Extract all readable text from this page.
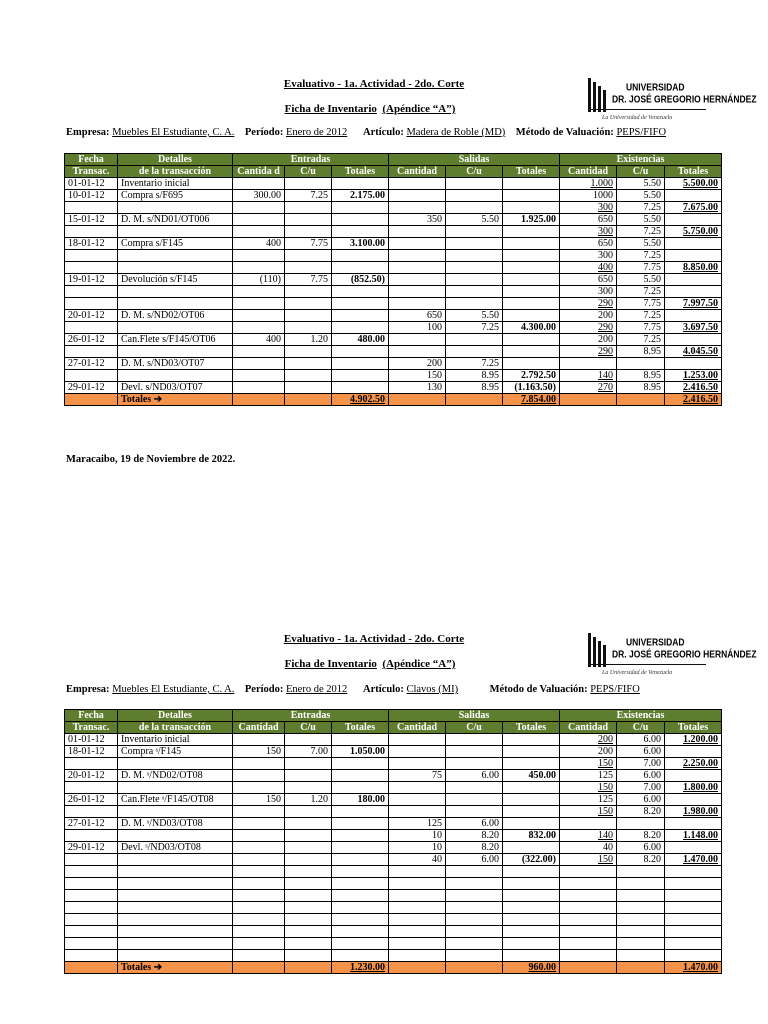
Evaluativo - 1a. Actividad - 2do. Corte
Ficha de Inventario (Apéndice “A”)
UNIVERSIDAD
DR. JOSÉ GREGORIO HERNÁNDEZ
La Universidad de Venezuela
Empresa: Muebles El Estudiante, C. A. Período: Enero de 2012 Artículo: Madera de Roble (MD) Método de Valuación: PEPS/FIFO
Fecha	Detalles	Entradas			Salidas			Existencias		
Transac.	de la transacción	Cantida d	C/u	Totales	Cantidad	C/u	Totales	Cantidad	C/u	Totales
01-01-12	Inventario inicial							1.000	5.50	5.500.00
10-01-12	Compra s/F695	300.00	7.25	2.175.00				1000	5.50	
								300	7.25	7.675.00
15-01-12	D. M. s/ND01/OT006				350	5.50	1.925.00	650	5.50	
								300	7.25	5.750.00
18-01-12	Compra s/F145	400	7.75	3.100.00				650	5.50	
								300	7.25	
								400	7.75	8.850.00
19-01-12	Devolución s/F145	(110)	7.75	(852.50)				650	5.50	
								300	7.25	
								290	7.75	7.997.50
20-01-12	D. M. s/ND02/OT06				650	5.50		200	7.25	
					100	7.25	4.300.00	290	7.75	3.697.50
26-01-12	Can.Flete s/F145/OT06	400	1.20	480.00				200	7.25	
								290	8.95	4.045.50
27-01-12	D. M. s/ND03/OT07				200	7.25				
					150	8.95	2.792.50	140	8.95	1.253.00
29-01-12	Devl. s/ND03/OT07				130	8.95	(1.163.50)	270	8.95	2.416.50
	Totales ➔			4.902.50			7.854.00			2.416.50
Maracaibo, 19 de Noviembre de 2022.
Evaluativo - 1a. Actividad - 2do. Corte
Ficha de Inventario (Apéndice “A”)
UNIVERSIDAD
DR. JOSÉ GREGORIO HERNÁNDEZ
La Universidad de Venezuela
Empresa: Muebles El Estudiante, C. A. Período: Enero de 2012 Artículo: Clavos (MI)	Método de Valuación: PEPS/FIFO
Fecha	Detalles	Entradas			Salidas			Existencias		
Transac.	de la transacción	Cantidad	C/u	Totales	Cantidad	C/u	Totales	Cantidad	C/u	Totales
01-01-12	Inventario inicial							200	6.00	1.200.00
18-01-12	Compra ˢ/F145	150	7.00	1.050.00				200	6.00	
								150	7.00	2.250.00
20-01-12	D. M. ˢ/ND02/OT08				75	6.00	450.00	125	6.00	
								150	7.00	1.800.00
26-01-12	Can.Flete ˢ/F145/OT08	150	1.20	180.00				125	6.00	
								150	8.20	1.980.00
27-01-12	D. M. ˢ/ND03/OT08				125	6.00				
					10	8.20	832.00	140	8.20	1.148.00
29-01-12	Devl. ˢ/ND03/OT08				10	8.20		40	6.00	
					40	6.00	(322.00)	150	8.20	1.470.00

	Totales ➔			1.230.00			960.00			1.470.00
